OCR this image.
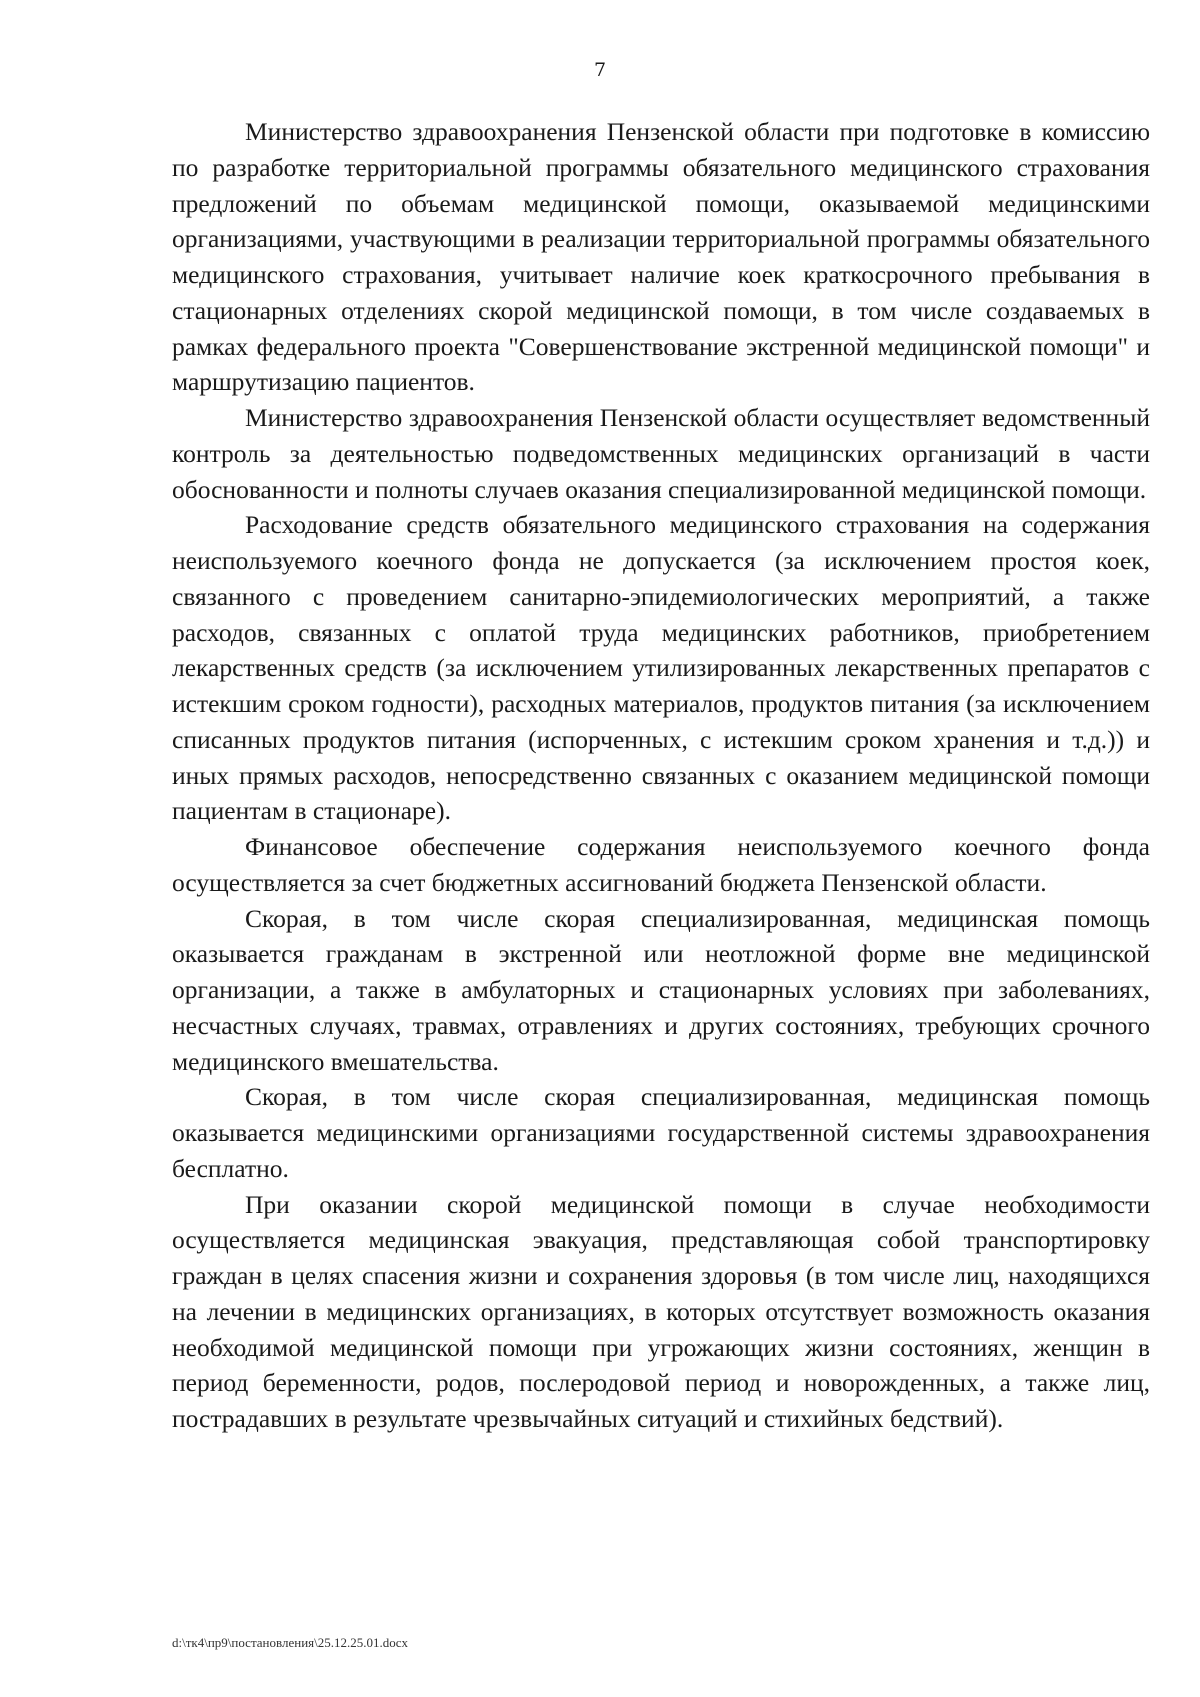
7

Министерство здравоохранения Пензенской области при подготовке в комиссию по разработке территориальной программы обязательного медицинского страхования предложений по объемам медицинской помощи, оказываемой медицинскими организациями, участвующими в реализации территориальной программы обязательного медицинского страхования, учитывает наличие коек краткосрочного пребывания в стационарных отделениях скорой медицинской помощи, в том числе создаваемых в рамках федерального проекта "Совершенствование экстренной медицинской помощи" и маршрутизацию пациентов.

Министерство здравоохранения Пензенской области осуществляет ведомственный контроль за деятельностью подведомственных медицинских организаций в части обоснованности и полноты случаев оказания специализированной медицинской помощи.

Расходование средств обязательного медицинского страхования на содержания неиспользуемого коечного фонда не допускается (за исключением простоя коек, связанного с проведением санитарно-эпидемиологических мероприятий, а также расходов, связанных с оплатой труда медицинских работников, приобретением лекарственных средств (за исключением утилизированных лекарственных препаратов с истекшим сроком годности), расходных материалов, продуктов питания (за исключением списанных продуктов питания (испорченных, с истекшим сроком хранения и т.д.)) и иных прямых расходов, непосредственно связанных с оказанием медицинской помощи пациентам в стационаре).

Финансовое обеспечение содержания неиспользуемого коечного фонда осуществляется за счет бюджетных ассигнований бюджета Пензенской области.

Скорая, в том числе скорая специализированная, медицинская помощь оказывается гражданам в экстренной или неотложной форме вне медицинской организации, а также в амбулаторных и стационарных условиях при заболеваниях, несчастных случаях, травмах, отравлениях и других состояниях, требующих срочного медицинского вмешательства.

Скорая, в том числе скорая специализированная, медицинская помощь оказывается медицинскими организациями государственной системы здравоохранения бесплатно.

При оказании скорой медицинской помощи в случае необходимости осуществляется медицинская эвакуация, представляющая собой транспортировку граждан в целях спасения жизни и сохранения здоровья (в том числе лиц, находящихся на лечении в медицинских организациях, в которых отсутствует возможность оказания необходимой медицинской помощи при угрожающих жизни состояниях, женщин в период беременности, родов, послеродовой период и новорожденных, а также лиц, пострадавших в результате чрезвычайных ситуаций и стихийных бедствий).

d:\тк4\пр9\постановления\25.12.25.01.docx
